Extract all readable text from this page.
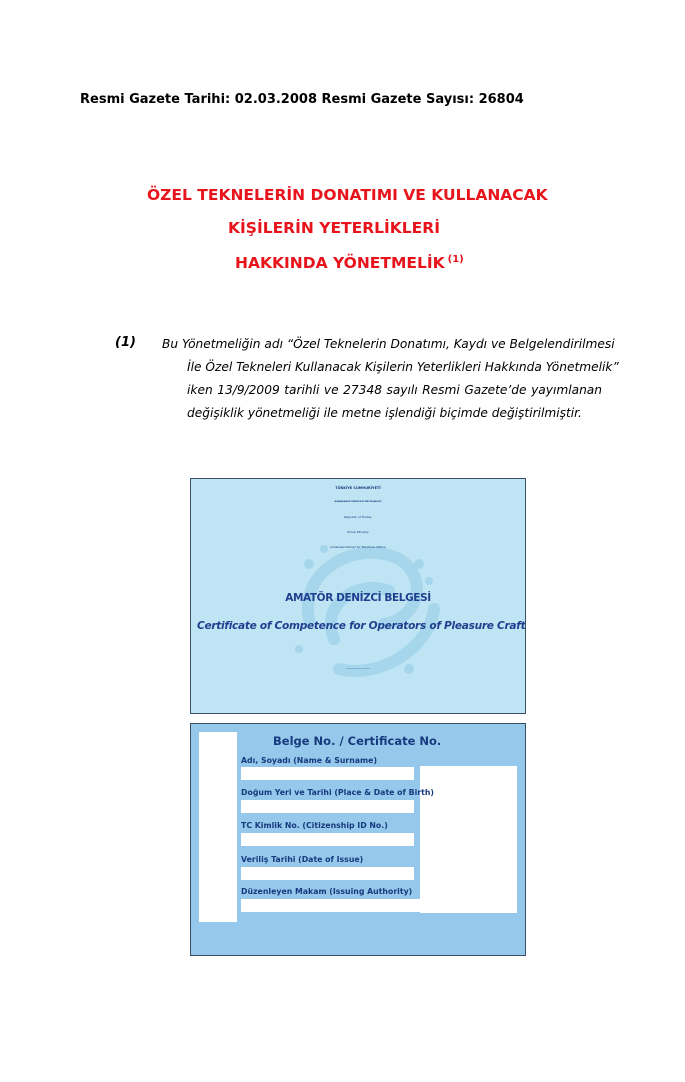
Resmi Gazete Tarihi: 02.03.2008 Resmi Gazete Sayısı: 26804
ÖZEL TEKNELERİN DONATIMI VE KULLANACAK
KİŞİLERİN YETERLİKLERİ
HAKKINDA YÖNETMELİK $^{(1)}$
(1) Bu Yönetmeliğin adı “Özel Teknelerin Donatımı, Kaydı ve Belgelendirilmesi
İle Özel Tekneleri Kullanacak Kişilerin Yeterlikleri Hakkında Yönetmelik”
iken 13/9/2009 tarihli ve 27348 sayılı Resmi Gazete’de yayımlanan
değişiklik yönetmeliği ile metne işlendiği biçimde değiştirilmiştir.
TÜRKİYE CUMHURİYETİ
BAŞBAKANLIK DENİZCİLİK MÜSTEŞARLIĞI
Republic of Turkey
Prime Ministry
Undersecretariat for Maritime Affairs
AMATÖR DENİZCİ BELGESİ
Certificate of Competence for Operators of Pleasure Craft
Belge No. / Certificate No.
Adı, Soyadı (Name & Surname)
Doğum Yeri ve Tarihi (Place & Date of Birth)
TC Kimlik No. (Citizenship ID No.)
Veriliş Tarihi (Date of Issue)
Düzenleyen Makam (Issuing Authority)
